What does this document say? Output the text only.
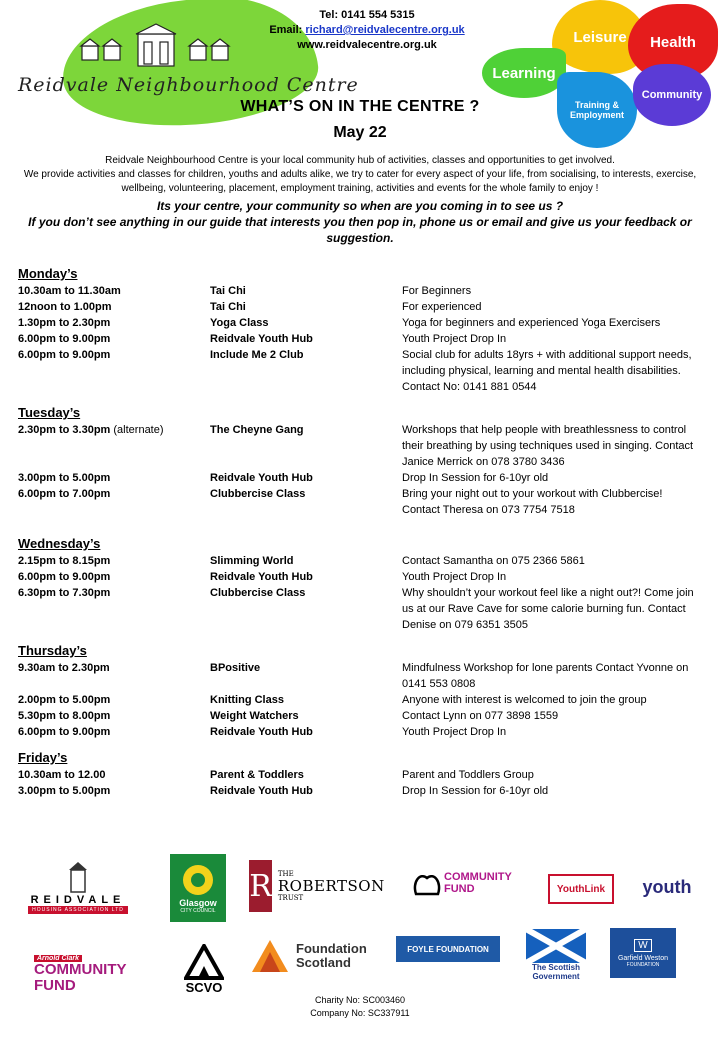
Reidvale Neighbourhood Centre
Tel: 0141 554 5315
Email: richard@reidvalecentre.org.uk
www.reidvalecentre.org.uk	Leisure	Health
Learning
Training & Employment
Community
WHAT’S ON IN THE CENTRE ?
May 22
Reidvale Neighbourhood Centre is your local community hub of activities, classes and opportunities to get involved.
We provide activities and classes for children, youths and adults alike, we try to cater for every aspect of your life, from socialising, to interests, exercise, wellbeing, volunteering, placement, employment training, activities and events for the whole family to enjoy !
Its your centre, your community so when are you coming in to see us ?
If you don’t see anything in our guide that interests you then pop in, phone us or email and give us your feedback or suggestion.
Monday’s
10.30am to 11.30am	Tai Chi	For Beginners
12noon to 1.00pm	Tai Chi	For experienced
1.30pm to 2.30pm	Yoga Class	Yoga for beginners and experienced Yoga Exercisers
6.00pm to 9.00pm	Reidvale Youth Hub	Youth Project Drop In
6.00pm to 9.00pm	Include Me 2 Club	Social club for adults 18yrs + with additional support needs, including physical, learning and mental health disabilities. Contact No: 0141 881 0544
Tuesday’s
2.30pm to 3.30pm (alternate)	The Cheyne Gang	Workshops that help people with breathlessness to control their breathing by using techniques used in singing. Contact Janice Merrick on 078 3780 3436
3.00pm to 5.00pm	Reidvale Youth Hub	Drop In Session for 6-10yr old
6.00pm to 7.00pm	Clubbercise Class	Bring your night out to your workout with Clubbercise! Contact Theresa on 073 7754 7518
Wednesday’s
2.15pm to 8.15pm	Slimming World	Contact Samantha on 075 2366 5861
6.00pm to 9.00pm	Reidvale Youth Hub	Youth Project Drop In
6.30pm to 7.30pm	Clubbercise Class	Why shouldn’t your workout feel like a night out?! Come join us at our Rave Cave for some calorie burning fun. Contact Denise on 079 6351 3505
Thursday’s
9.30am to 2.30pm	BPositive	Mindfulness Workshop for lone parents Contact Yvonne on 0141 553 0808
2.00pm to 5.00pm	Knitting Class	Anyone with interest is welcomed to join the group
5.30pm to 8.00pm	Weight Watchers	Contact Lynn on 077 3898 1559
6.00pm to 9.00pm	Reidvale Youth Hub	Youth Project Drop In
Friday’s
10.30am to 12.00	Parent & Toddlers	Parent and Toddlers Group
3.00pm to 5.00pm	Reidvale Youth Hub	Drop In Session for 6-10yr old
REIDVALE
HOUSING ASSOCIATION LTD
Glasgow
CITY COUNCIL
R THE
ROBERTSON
TRUST
COMMUNITY FUND	YouthLink youth
Arnold Clark
COMMUNITY FUND	SCVO
Foundation Scotland
FOYLE FOUNDATION
The Scottish Government
W
Garfield Weston
FOUNDATION
Charity No: SC003460
Company No: SC337911
